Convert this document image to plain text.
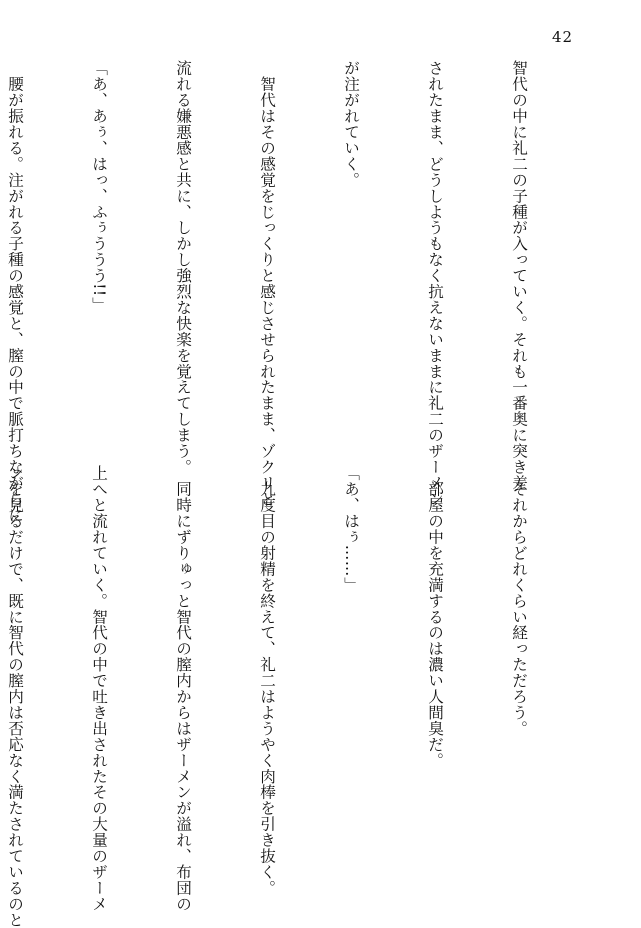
42

智代の中に礼二の子種が入っていく。それも一番奥に突き差

されたまま、どうしようもなく抗えないままに礼二のザーメン

が注がれていく。

　智代はその感覚をじっくりと感じさせられたまま、ゾクリと

流れる嫌悪感と共に、しかし強烈な快楽を覚えてしまう。

「あ、あぅ、はっ、ふぅううう!!」

　腰が振れる。注がれる子種の感覚と、膣の中で脈打ちながらに

　それからどれくらい経っただろう。

　部屋の中を充満するのは濃い人間臭だ。

「あ、はぅ……」

　九度目の射精を終えて、礼二はようやく肉棒を引き抜く。

　同時にずりゅっと智代の膣内からはザーメンが溢れ、布団の

上へと流れていく。智代の中で吐き出されたその大量のザーメ

ンを見るだけで、既に智代の膣内は否応なく満たされているのと
